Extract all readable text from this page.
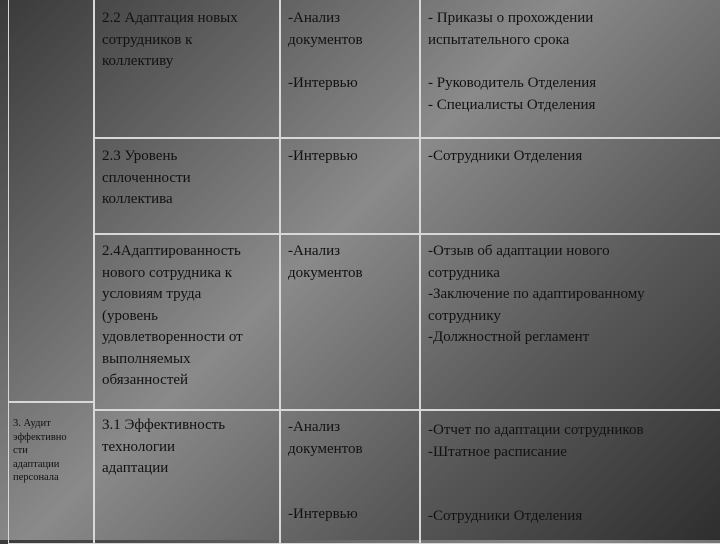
2.2 Адаптация новых
сотрудников к
коллективу
-Анализ
документов
-Интервью
- Приказы о прохождении
испытательного срока
- Руководитель Отделения
- Специалисты Отделения
2.3 Уровень
сплоченности
коллектива
-Интервью	-Сотрудники Отделения
2.4Адаптированность
нового сотрудника к
условиям труда
(уровень
удовлетворенности от
выполняемых
обязанностей
-Анализ
документов
-Отзыв об адаптации нового
сотрудника
-Заключение по адаптированному
сотруднику
-Должностной регламент
3. Аудит
эффективно
сти
адаптации
персонала
3.1 Эффективность
технологии
адаптации
-Анализ
документов
-Интервью
-Отчет по адаптации сотрудников
-Штатное расписание
-Сотрудники Отделения
